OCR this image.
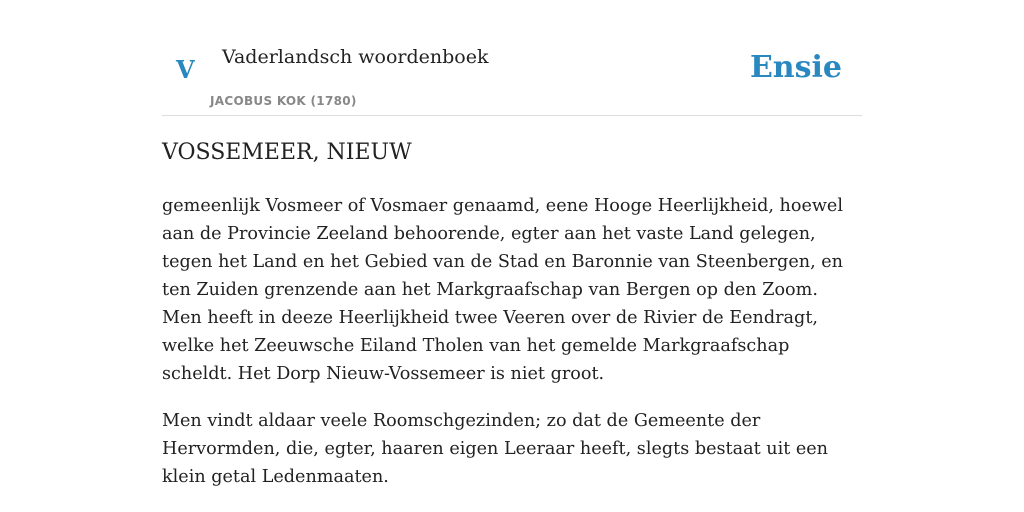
V Vaderlandsch woordenboek
JACOBUS KOK (1780)
Ensie
VOSSEMEER, NIEUW

gemeenlijk Vosmeer of Vosmaer genaamd, eene Hooge Heerlijkheid, hoewel aan de Provincie Zeeland behoorende, egter aan het vaste Land gelegen, tegen het Land en het Gebied van de Stad en Baronnie van Steenbergen, en ten Zuiden grenzende aan het Markgraafschap van Bergen op den Zoom. Men heeft in deeze Heerlijkheid twee Veeren over de Rivier de Eendragt, welke het Zeeuwsche Eiland Tholen van het gemelde Markgraafschap scheldt. Het Dorp Nieuw-Vossemeer is niet groot.

Men vindt aldaar veele Roomschgezinden; zo dat de Gemeente der Hervormden, die, egter, haaren eigen Leeraar heeft, slegts bestaat uit een klein getal Ledenmaaten.
